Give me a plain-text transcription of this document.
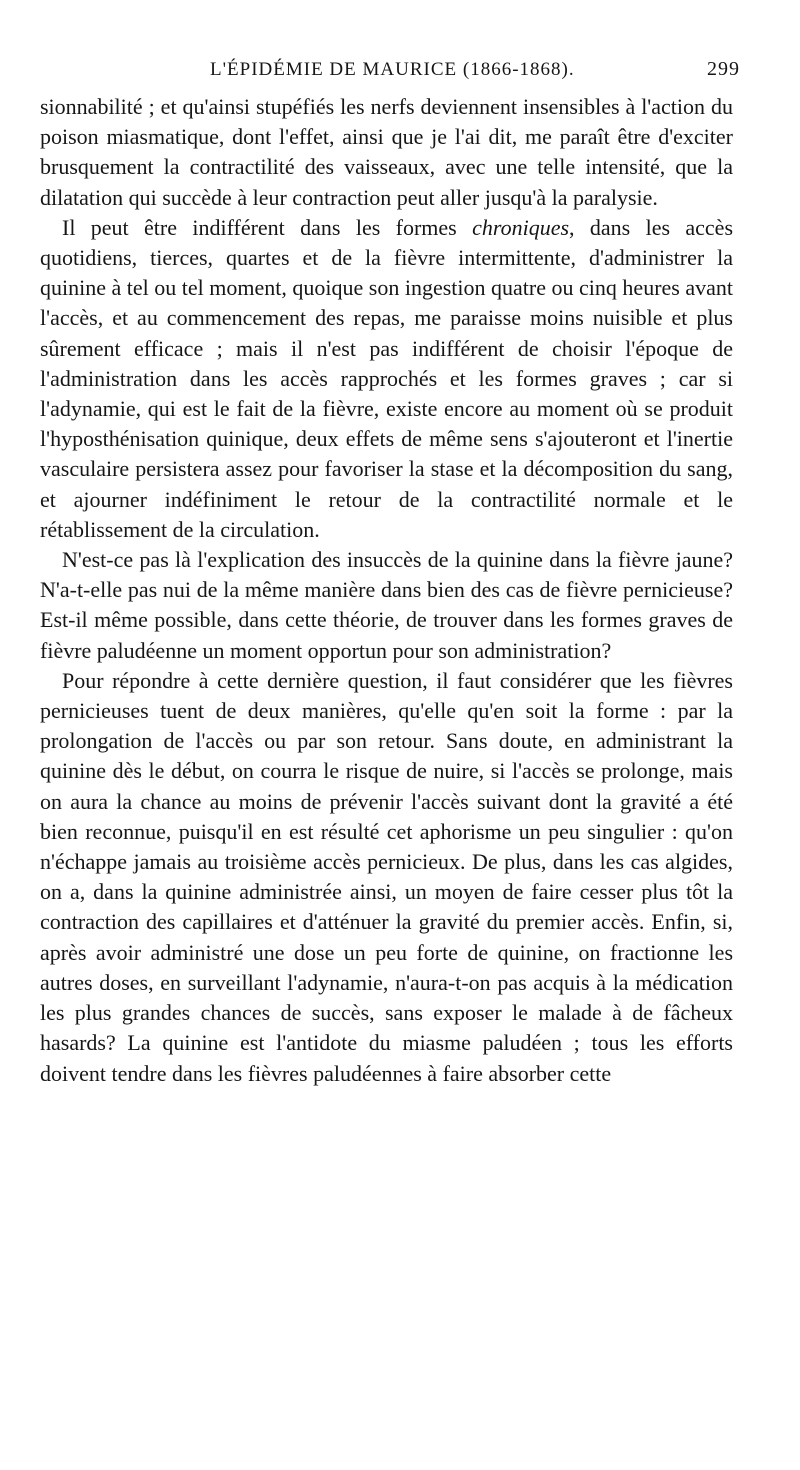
L'ÉPIDÉMIE DE MAURICE (1866-1868).	299

sionnabilité ; et qu'ainsi stupéfiés les nerfs deviennent insensibles à l'action du poison miasmatique, dont l'effet, ainsi que je l'ai dit, me paraît être d'exciter brusquement la contractilité des vaisseaux, avec une telle intensité, que la dilatation qui succède à leur contraction peut aller jusqu'à la paralysie.

Il peut être indifférent dans les formes chroniques, dans les accès quotidiens, tierces, quartes et de la fièvre intermittente, d'administrer la quinine à tel ou tel moment, quoique son ingestion quatre ou cinq heures avant l'accès, et au commencement des repas, me paraisse moins nuisible et plus sûrement efficace ; mais il n'est pas indifférent de choisir l'époque de l'administration dans les accès rapprochés et les formes graves ; car si l'adynamie, qui est le fait de la fièvre, existe encore au moment où se produit l'hyposthénisation quinique, deux effets de même sens s'ajouteront et l'inertie vasculaire persistera assez pour favoriser la stase et la décomposition du sang, et ajourner indéfiniment le retour de la contractilité normale et le rétablissement de la circulation.

N'est-ce pas là l'explication des insuccès de la quinine dans la fièvre jaune? N'a-t-elle pas nui de la même manière dans bien des cas de fièvre pernicieuse? Est-il même possible, dans cette théorie, de trouver dans les formes graves de fièvre paludéenne un moment opportun pour son administration?

Pour répondre à cette dernière question, il faut considérer que les fièvres pernicieuses tuent de deux manières, qu'elle qu'en soit la forme : par la prolongation de l'accès ou par son retour. Sans doute, en administrant la quinine dès le début, on courra le risque de nuire, si l'accès se prolonge, mais on aura la chance au moins de prévenir l'accès suivant dont la gravité a été bien reconnue, puisqu'il en est résulté cet aphorisme un peu singulier : qu'on n'échappe jamais au troisième accès pernicieux. De plus, dans les cas algides, on a, dans la quinine administrée ainsi, un moyen de faire cesser plus tôt la contraction des capillaires et d'atténuer la gravité du premier accès. Enfin, si, après avoir administré une dose un peu forte de quinine, on fractionne les autres doses, en surveillant l'adynamie, n'aura-t-on pas acquis à la médication les plus grandes chances de succès, sans exposer le malade à de fâcheux hasards? La quinine est l'antidote du miasme paludéen ; tous les efforts doivent tendre dans les fièvres paludéennes à faire absorber cette
